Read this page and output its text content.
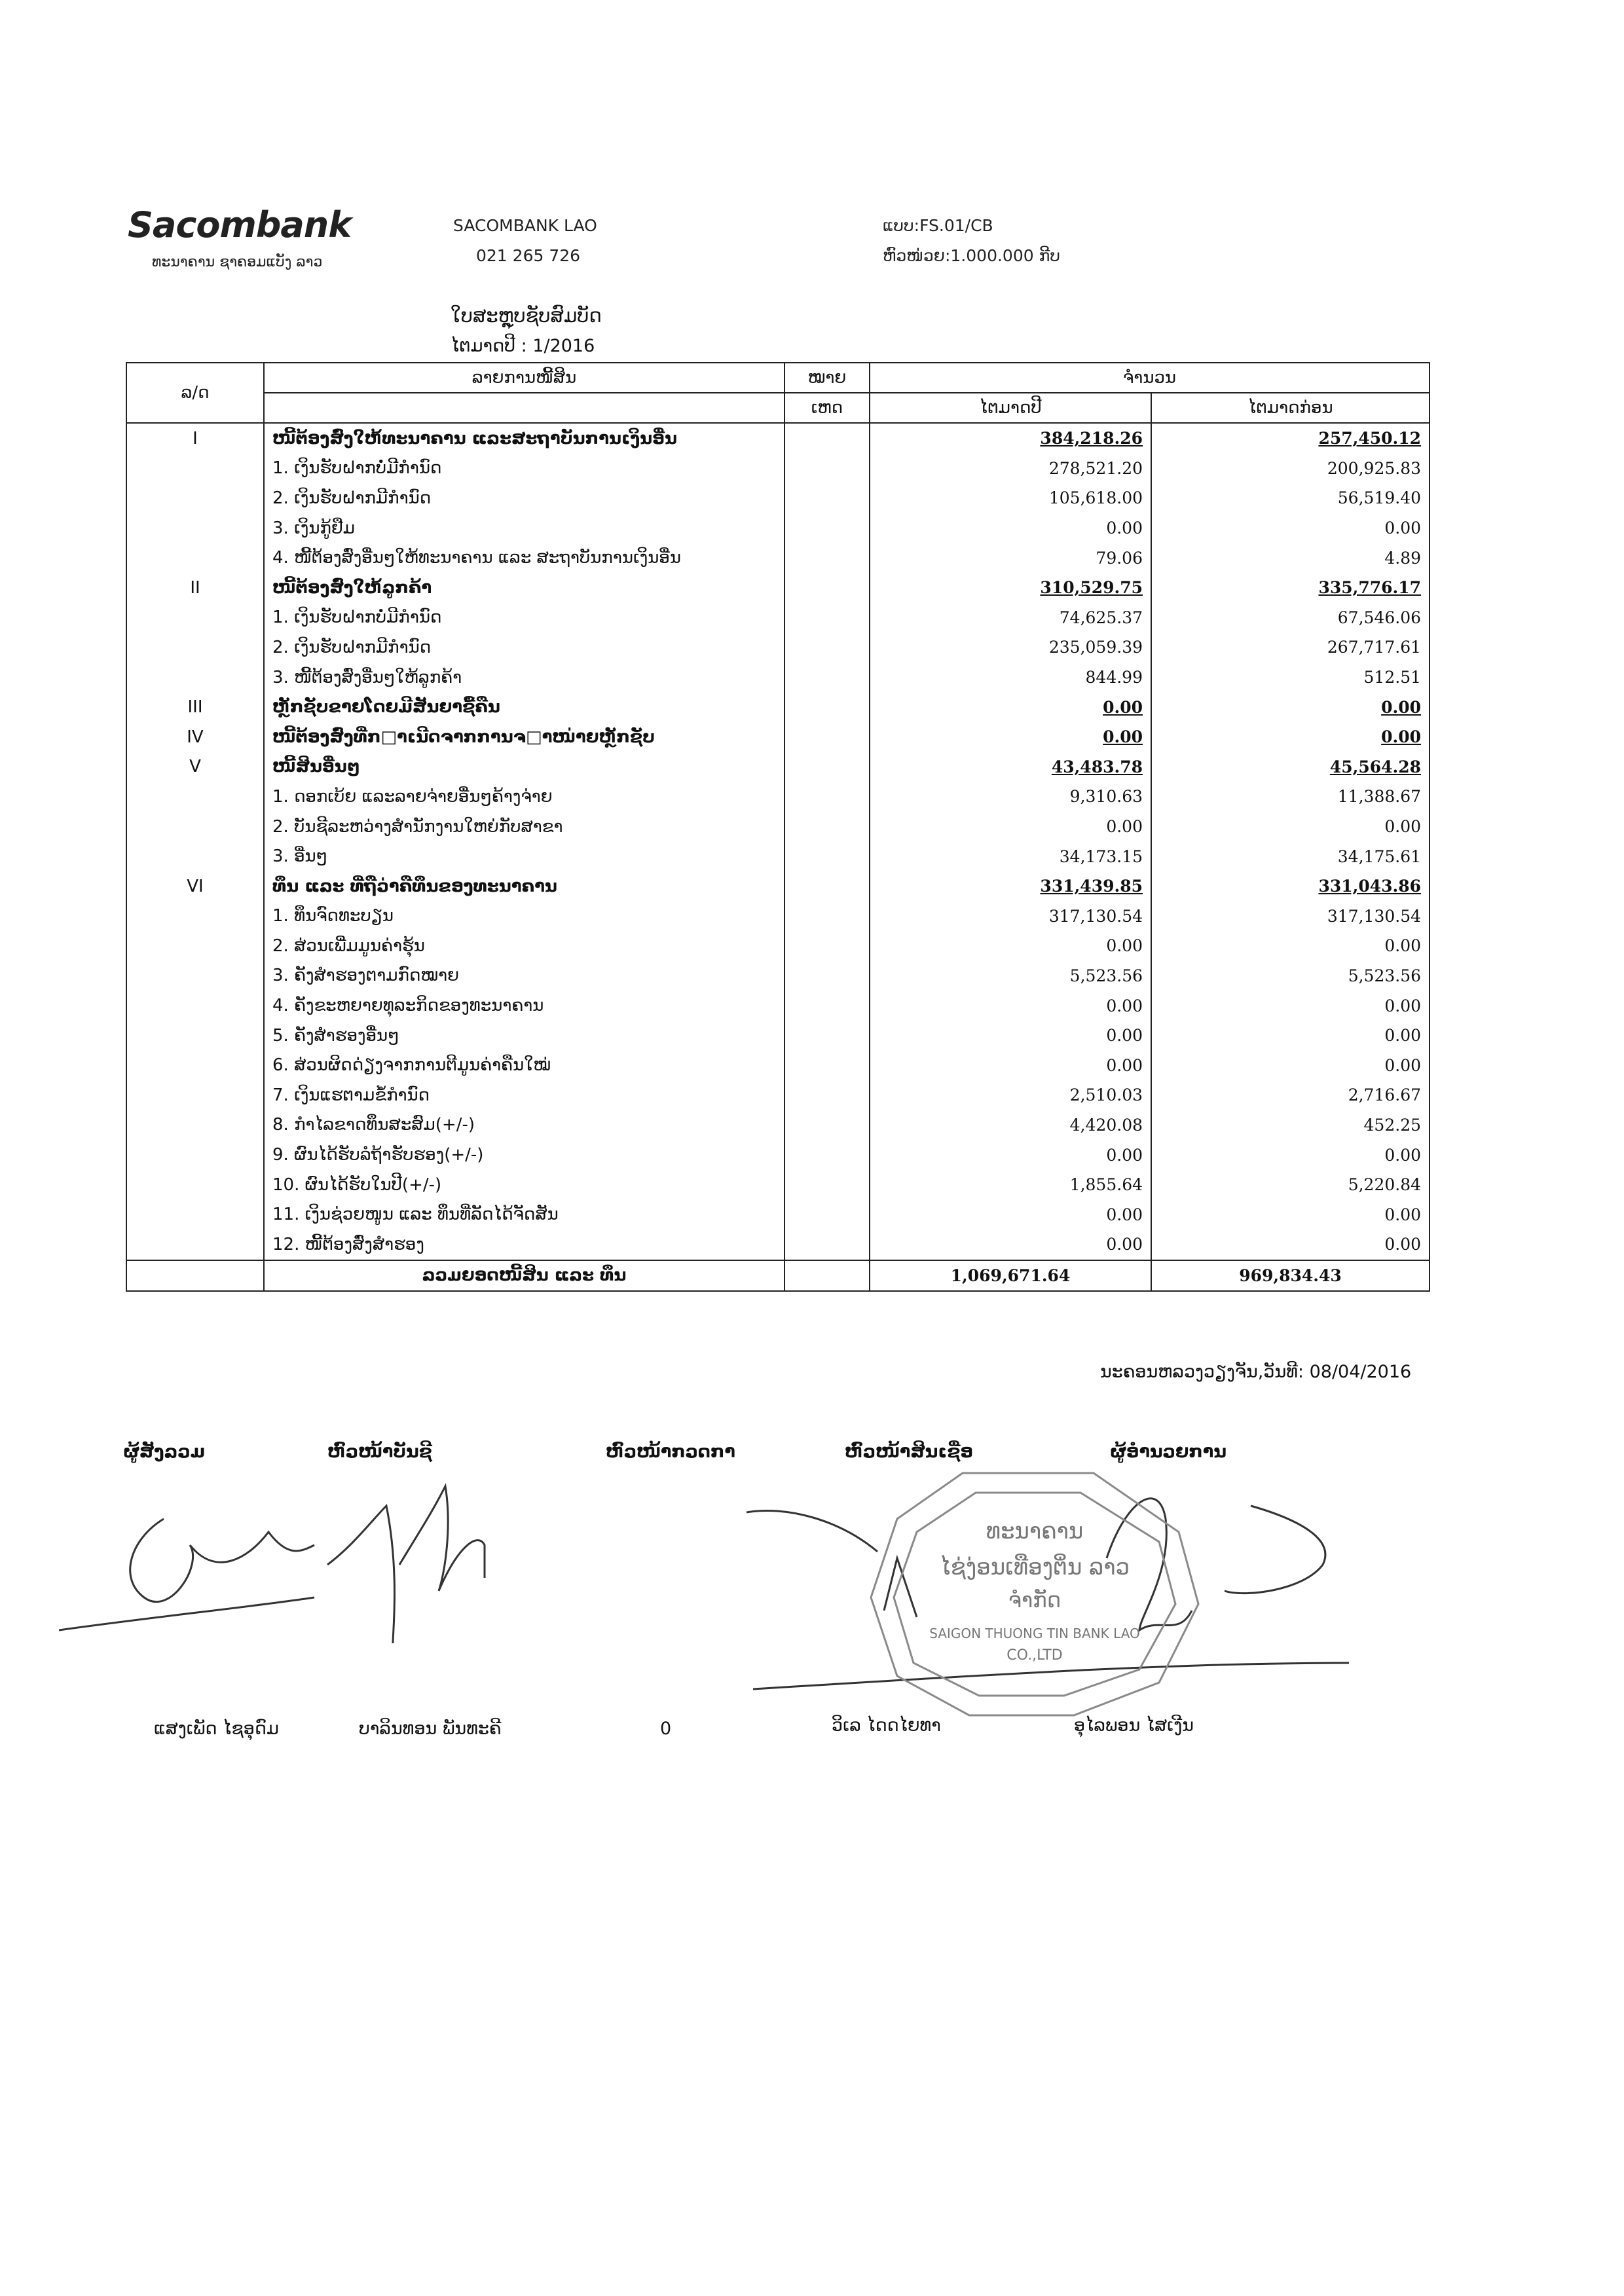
Sacombank
ທະນາຄານ ຊາຄອມແບັງ ລາວ
SACOMBANK LAO
021 265 726
ແບບ:FS.01/CB
ຫົວໜ່ວຍ:1.000.000 ກີບ
ໃບສະຫຼຸບຊັບສົມບັດ
ໄຕມາດປີ : 1/2016
ລ/ດ	ລາຍການໜີ້ສິນ	ໝາຍ	ຈຳນວນ	
		ເຫດ	ໄຕມາດປີ	ໄຕມາດກ່ອນ
I	ໜີ້ຕ້ອງສົ່ງໃຫ້ທະນາຄານ ແລະສະຖາບັນການເງິນອື່ນ		384,218.26	257,450.12
	1. ເງິນຮັບຝາກບໍ່ມີກຳນົດ		278,521.20	200,925.83
	2. ເງິນຮັບຝາກມີກຳນົດ		105,618.00	56,519.40
	3. ເງິນກູ້ຢືມ		0.00	0.00
	4. ໜີ້ຕ້ອງສົ່ງອື່ນໆໃຫ້ທະນາຄານ ແລະ ສະຖາບັນການເງິນອື່ນ		79.06	4.89
II	ໜີ້ຕ້ອງສົ່ງໃຫ້ລູກຄ້າ		310,529.75	335,776.17
	1. ເງິນຮັບຝາກບໍ່ມີກຳນົດ		74,625.37	67,546.06
	2. ເງິນຮັບຝາກມີກຳນົດ		235,059.39	267,717.61
	3. ໜີ້ຕ້ອງສົ່ງອື່ນໆໃຫ້ລູກຄ້າ		844.99	512.51
III	ຫຼັກຊັບຂາຍໂດຍມີສັນຍາຊື້ຄືນ		0.00	0.00
IV	ໜີ້ຕ້ອງສົ່ງທີ່ກ□າເນີດຈາກການຈ□າໜ່າຍຫຼັກຊັບ		0.00	0.00
V	ໜີ້ສິນອື່ນໆ		43,483.78	45,564.28
	1. ດອກເບ້ຍ ແລະລາຍຈ່າຍອື່ນໆຄ້າງຈ່າຍ		9,310.63	11,388.67
	2. ບັນຊີລະຫວ່າງສຳນັກງານໃຫຍ່ກັບສາຂາ		0.00	0.00
	3. ອື່ນໆ		34,173.15	34,175.61
VI	ທຶນ ແລະ ທີ່ຖືວ່າຄືທຶນຂອງທະນາຄານ		331,439.85	331,043.86
	1. ທຶນຈົດທະບຽນ		317,130.54	317,130.54
	2. ສ່ວນເພີ່ມມູນຄ່າຮຸ້ນ		0.00	0.00
	3. ຄັງສຳຮອງຕາມກົດໝາຍ		5,523.56	5,523.56
	4. ຄັງຂະຫຍາຍທຸລະກິດຂອງທະນາຄານ		0.00	0.00
	5. ຄັງສຳຮອງອື່ນໆ		0.00	0.00
	6. ສ່ວນຜິດດ່ຽງຈາກການຕີມູນຄ່າຄືນໃໝ່		0.00	0.00
	7. ເງິນແຮຕາມຂໍ້ກຳນົດ		2,510.03	2,716.67
	8. ກຳໄລຂາດທຶນສະສົມ(+/-)		4,420.08	452.25
	9. ຜົນໄດ້ຮັບລໍຖ້າຮັບຮອງ(+/-)		0.00	0.00
	10. ຜົນໄດ້ຮັບໃນປີ(+/-)		1,855.64	5,220.84
	11. ເງິນຊ່ວຍໜູນ ແລະ ທຶນທີ່ລັດໄດ້ຈັດສັນ		0.00	0.00
	12. ໜີ້ຕ້ອງສົ່ງສຳຮອງ		0.00	0.00
	ລວມຍອດໜີ້ສິນ ແລະ ທຶນ		1,069,671.64	969,834.43
ນະຄອນຫລວງວຽງຈັນ,ວັນທີ: 08/04/2016
ຜູ້ສັງລວມ	ຫົວໜ້າບັນຊີ	ຫົວໜ້າກວດກາ	ຫົວໜ້າສິນເຊື່ອ	ຜູ້ອຳນວຍການ
ທະນາຄານ
ໄຊ່ງ່ອນເທືອງຕິ່ນ ລາວ
ຈຳກັດ
SAIGON THUONG TIN BANK LAO
CO.,LTD
ແສງເພັດ ໄຊອຸດົມ	ບາລິນທອນ ພັນທະຄີ	0	ວິເລ ໄດດໄຍທາ	ອຸໄລພອນ ໄສເງີນ
